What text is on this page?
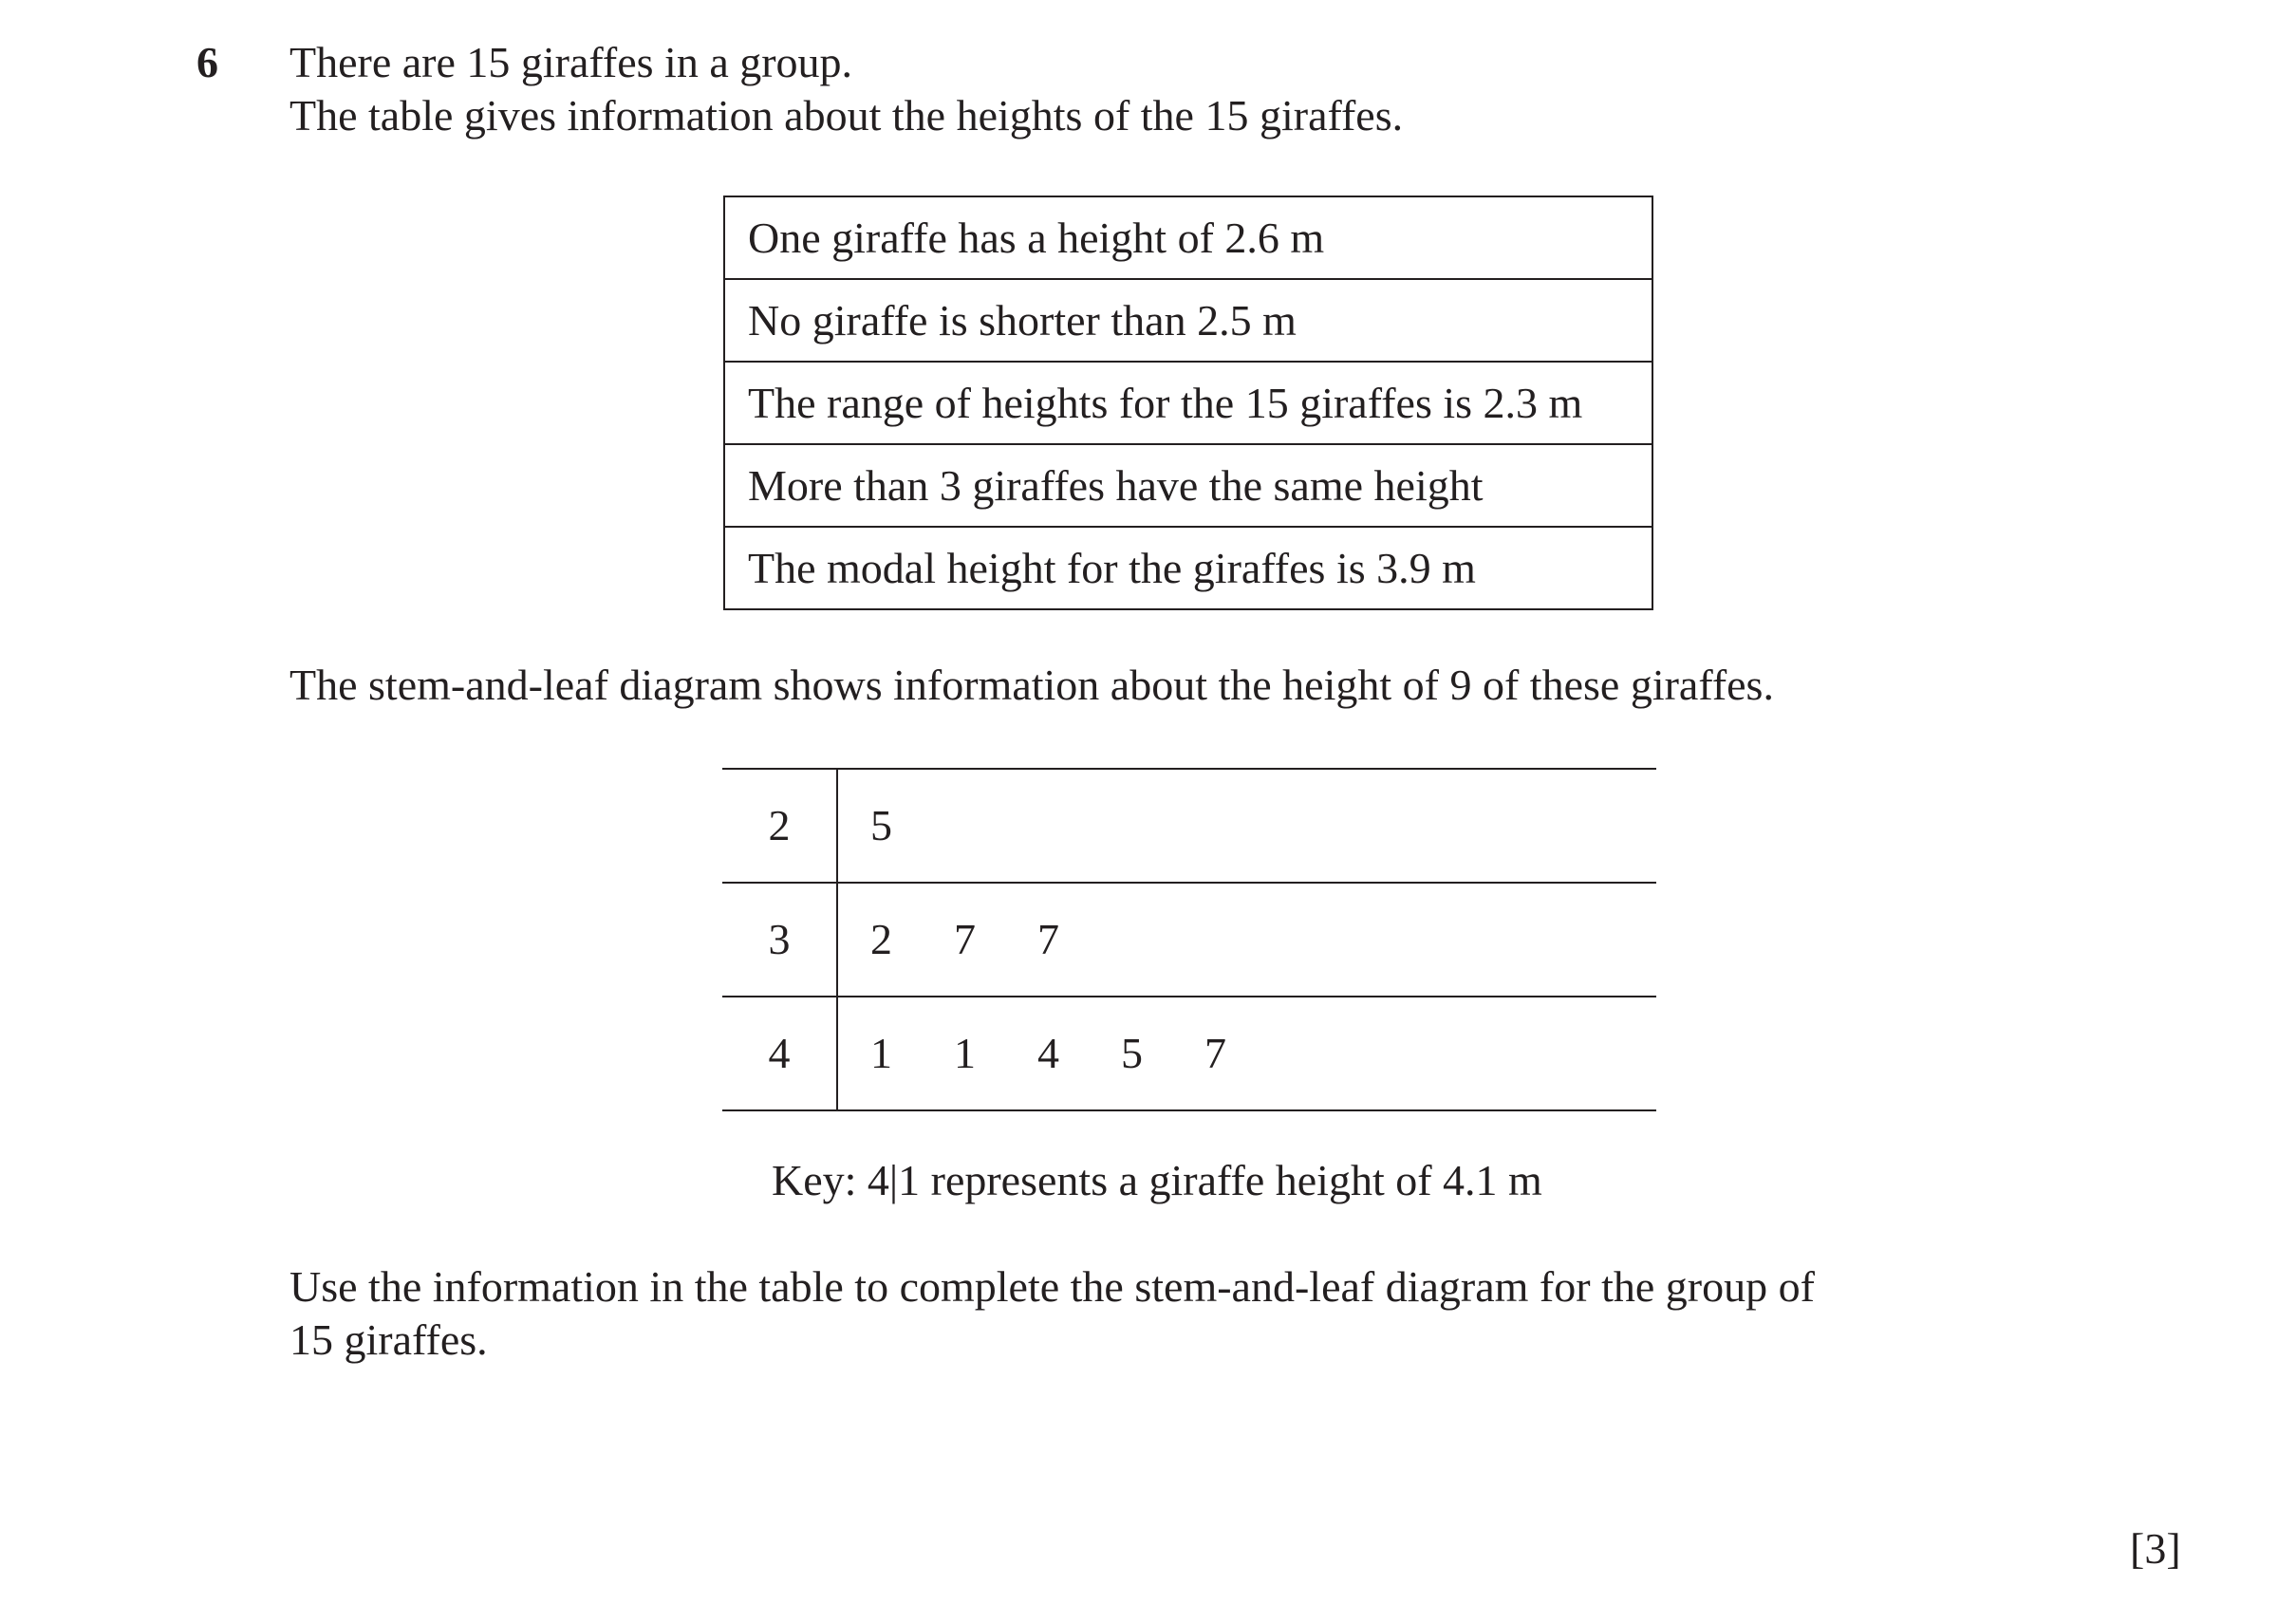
6 There are 15 giraffes in a group.

The table gives information about the heights of the 15 giraffes.

One giraffe has a height of 2.6 m
No giraffe is shorter than 2.5 m
The range of heights for the 15 giraffes is 2.3 m
More than 3 giraffes have the same height
The modal height for the giraffes is 3.9 m
The stem-and-leaf diagram shows information about the height of 9 of these giraffes.
2	5
3	2 7 7
4	1 1 4 5 7
Key: 4|1 represents a giraffe height of 4.1 m

Use the information in the table to complete the stem-and-leaf diagram for the group of

15 giraffes.

[3]
